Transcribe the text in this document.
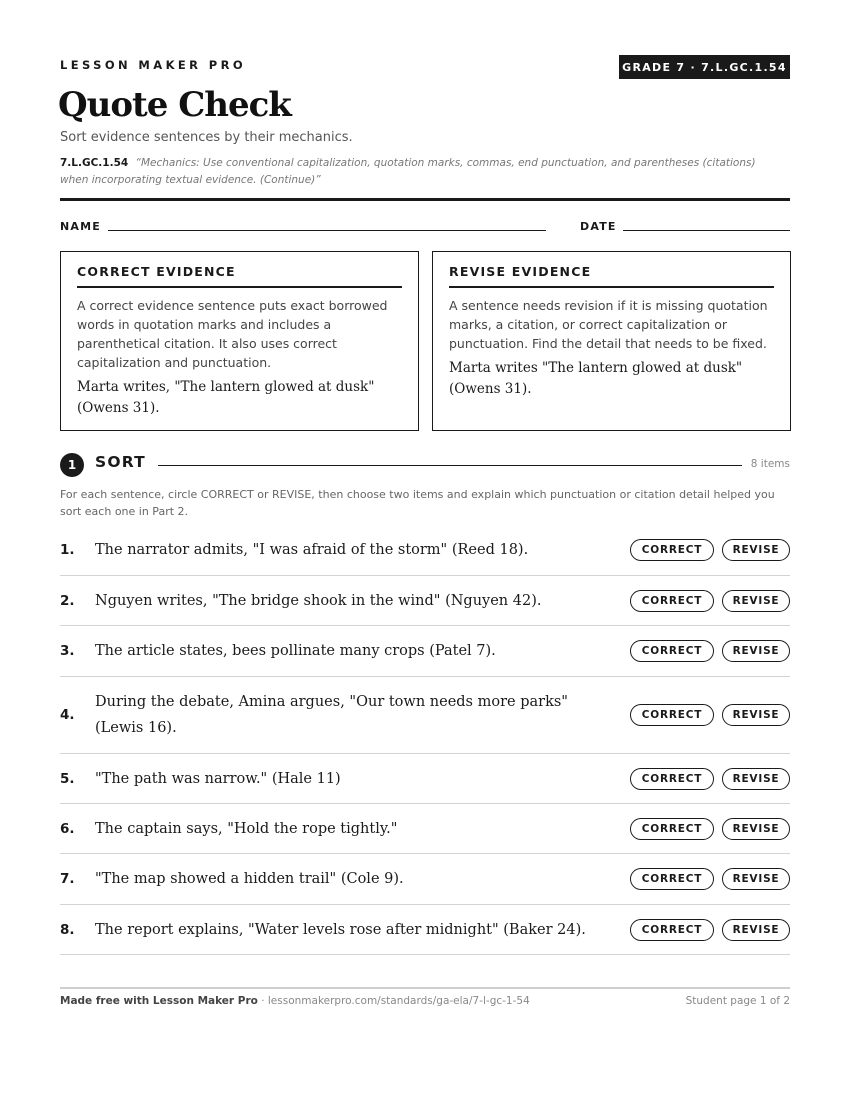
LESSON MAKER PRO	GRADE 7 · 7.L.GC.1.54
Quote Check
Sort evidence sentences by their mechanics.
7.L.GC.1.54 “Mechanics: Use conventional capitalization, quotation marks, commas, end punctuation, and parentheses (citations) when incorporating textual evidence. (Continue)”
NAME	DATE
CORRECT EVIDENCE
A correct evidence sentence puts exact borrowed words in quotation marks and includes a parenthetical citation. It also uses correct capitalization and punctuation.
Marta writes, "The lantern glowed at dusk" (Owens 31).
REVISE EVIDENCE
A sentence needs revision if it is missing quotation marks, a citation, or correct capitalization or punctuation. Find the detail that needs to be fixed.
Marta writes "The lantern glowed at dusk" (Owens 31).
1	SORT	8 items
For each sentence, circle CORRECT or REVISE, then choose two items and explain which punctuation or citation detail helped you sort each one in Part 2.
1.	The narrator admits, "I was afraid of the storm" (Reed 18).	CORRECT	REVISE
2.	Nguyen writes, "The bridge shook in the wind" (Nguyen 42).	CORRECT	REVISE
3.	The article states, bees pollinate many crops (Patel 7).	CORRECT	REVISE
4.
During the debate, Amina argues, "Our town needs more parks" (Lewis 16).
CORRECT	REVISE
5.	"The path was narrow." (Hale 11)	CORRECT	REVISE
6.	The captain says, "Hold the rope tightly."	CORRECT	REVISE
7.	"The map showed a hidden trail" (Cole 9).	CORRECT	REVISE
8.	The report explains, "Water levels rose after midnight" (Baker 24).	CORRECT	REVISE
Made free with Lesson Maker Pro · lessonmakerpro.com/standards/ga-ela/7-l-gc-1-54	Student page 1 of 2
